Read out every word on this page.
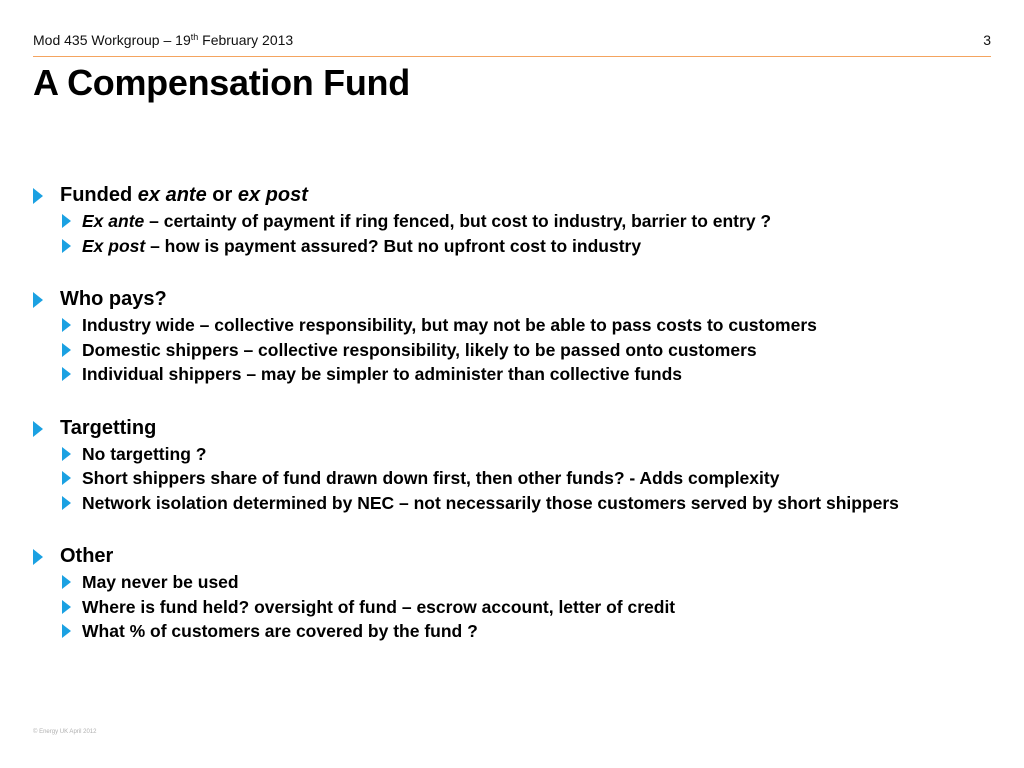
Mod 435 Workgroup – 19th February 2013	3
A Compensation Fund
Funded ex ante or ex post
Ex ante – certainty of payment if ring fenced, but cost to industry, barrier to entry ?
Ex post – how is payment assured? But no upfront cost to industry
Who pays?
Industry wide – collective responsibility, but may not be able to pass costs to customers
Domestic shippers – collective responsibility, likely to be passed onto customers
Individual shippers – may be simpler to administer than collective funds
Targetting
No targetting ?
Short shippers share of fund drawn down first, then other funds? - Adds complexity
Network isolation determined by NEC – not necessarily those customers served by short shippers
Other
May never be used
Where is fund held? oversight of fund – escrow account, letter of credit
What % of customers are covered by the fund ?
© Energy UK April 2012
